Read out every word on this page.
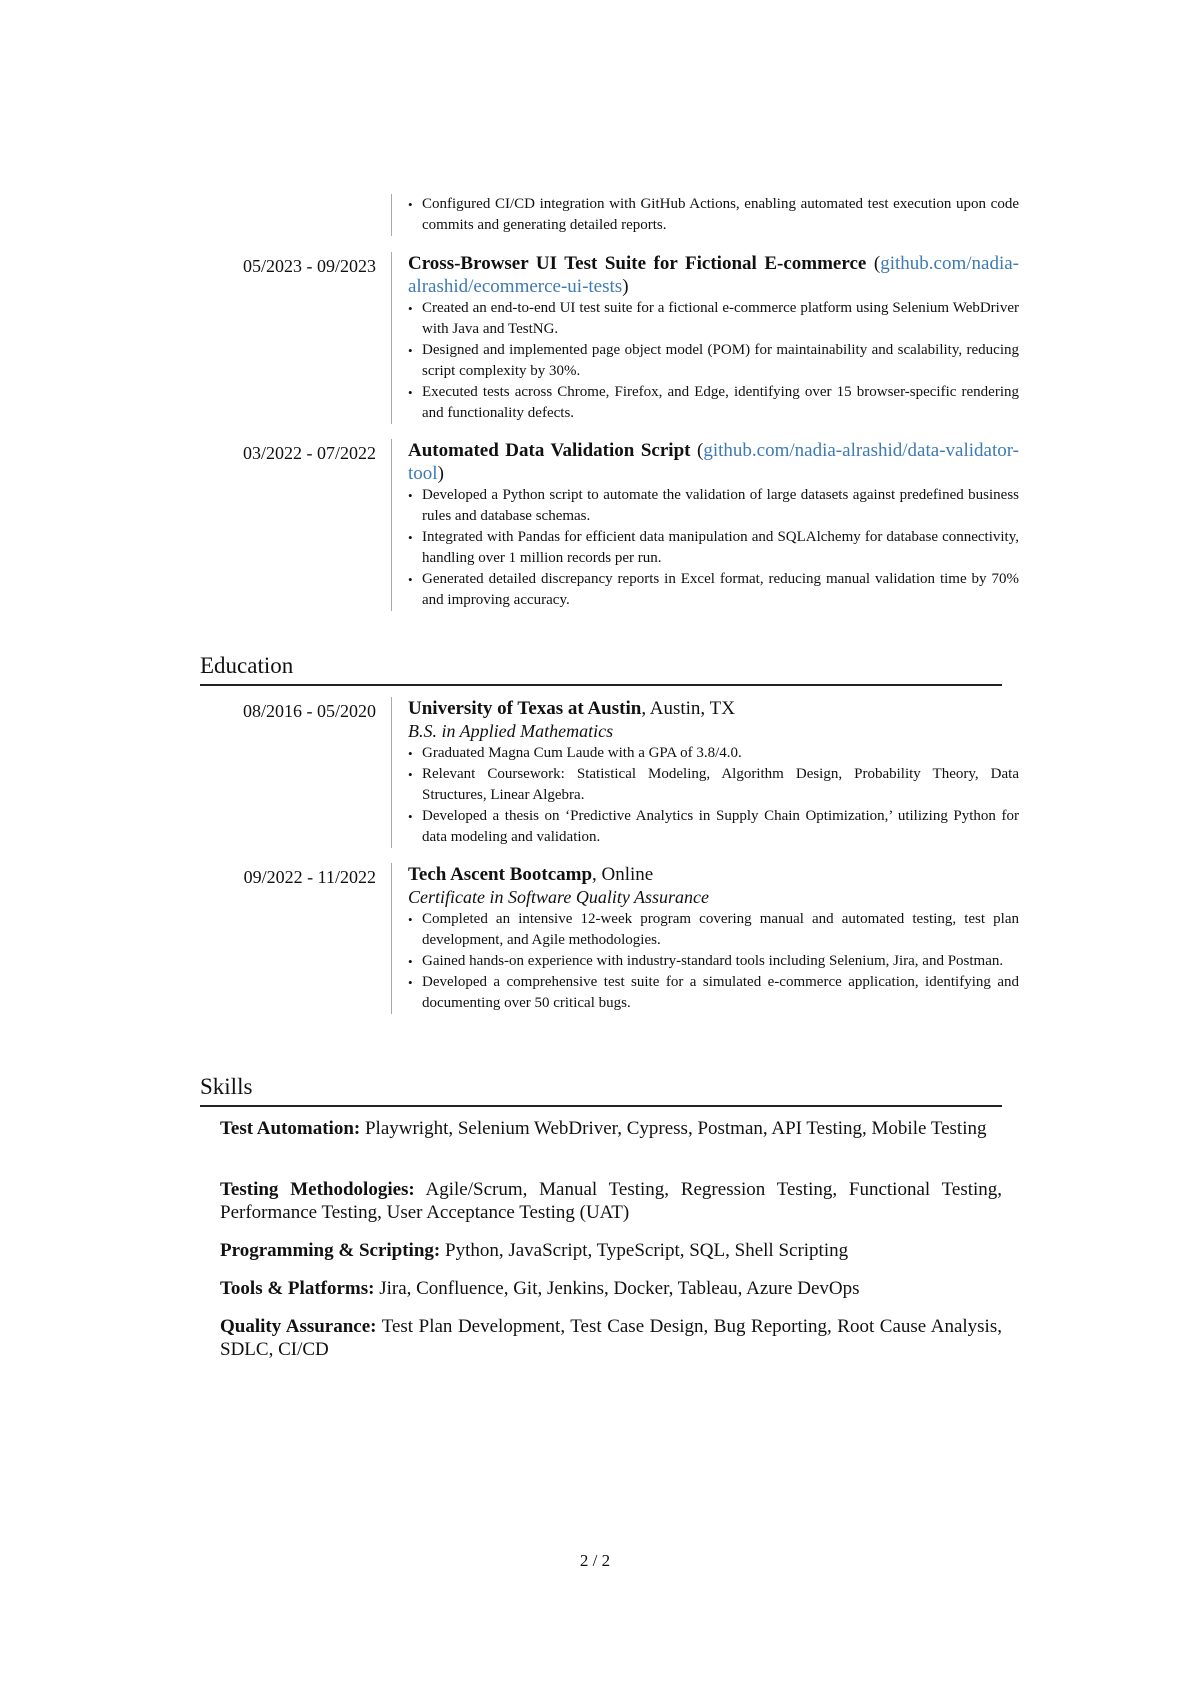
• Configured CI/CD integration with GitHub Actions, enabling automated test execution upon code commits and generating detailed reports.
05/2023 - 09/2023 Cross-Browser UI Test Suite for Fictional E-commerce (github.com/nadia-alrashid/ecommerce-ui-tests)
• Created an end-to-end UI test suite for a fictional e-commerce platform using Selenium WebDriver with Java and TestNG.
• Designed and implemented page object model (POM) for maintainability and scalability, reducing script complexity by 30%.
• Executed tests across Chrome, Firefox, and Edge, identifying over 15 browser-specific rendering and functionality defects.
03/2022 - 07/2022 Automated Data Validation Script (github.com/nadia-alrashid/data-validator-tool)
• Developed a Python script to automate the validation of large datasets against predefined business rules and database schemas.
• Integrated with Pandas for efficient data manipulation and SQLAlchemy for database connectivity, handling over 1 million records per run.
• Generated detailed discrepancy reports in Excel format, reducing manual validation time by 70% and improving accuracy.
Education
08/2016 - 05/2020 University of Texas at Austin, Austin, TX
B.S. in Applied Mathematics
• Graduated Magna Cum Laude with a GPA of 3.8/4.0.
• Relevant Coursework: Statistical Modeling, Algorithm Design, Probability Theory, Data Structures, Linear Algebra.
• Developed a thesis on ‘Predictive Analytics in Supply Chain Optimization,’ utilizing Python for data modeling and validation.
09/2022 - 11/2022 Tech Ascent Bootcamp, Online
Certificate in Software Quality Assurance
• Completed an intensive 12-week program covering manual and automated testing, test plan development, and Agile methodologies.
• Gained hands-on experience with industry-standard tools including Selenium, Jira, and Postman.
• Developed a comprehensive test suite for a simulated e-commerce application, identifying and documenting over 50 critical bugs.
Skills
Test Automation: Playwright, Selenium WebDriver, Cypress, Postman, API Testing, Mobile Testing
Testing Methodologies: Agile/Scrum, Manual Testing, Regression Testing, Functional Testing, Performance Testing, User Acceptance Testing (UAT)
Programming & Scripting: Python, JavaScript, TypeScript, SQL, Shell Scripting
Tools & Platforms: Jira, Confluence, Git, Jenkins, Docker, Tableau, Azure DevOps
Quality Assurance: Test Plan Development, Test Case Design, Bug Reporting, Root Cause Analysis, SDLC, CI/CD
2 / 2
